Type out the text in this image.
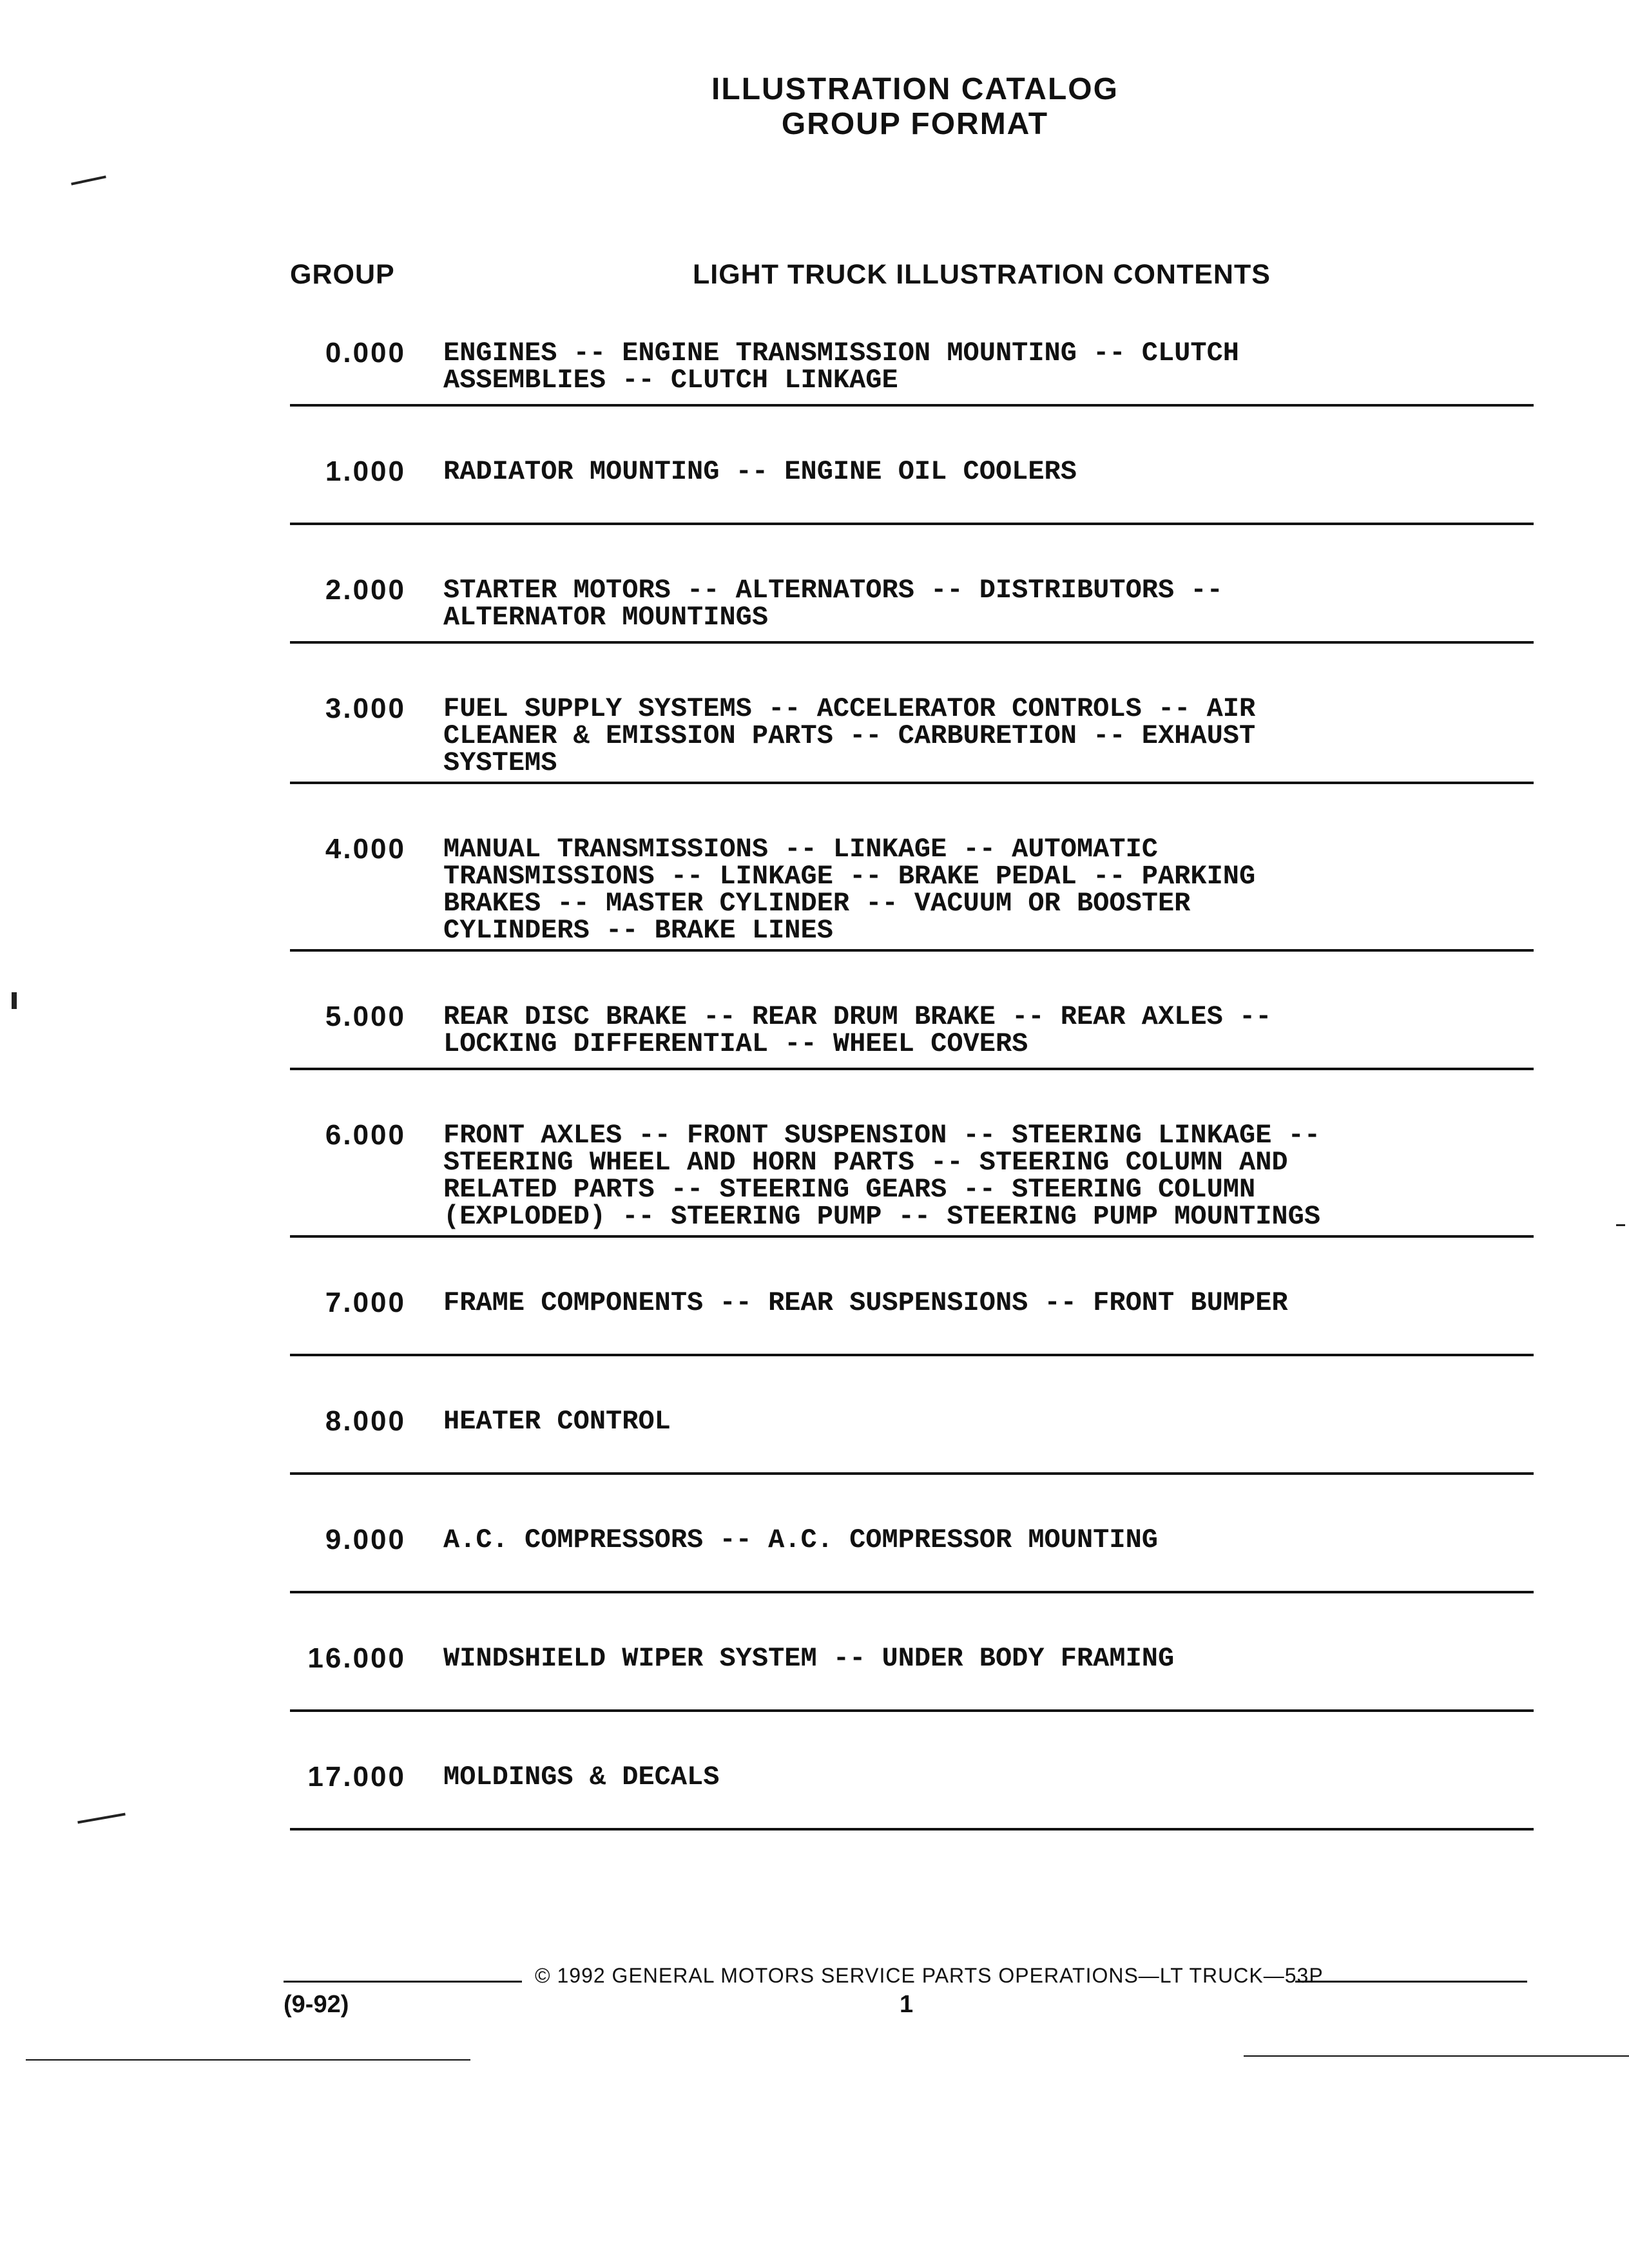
ILLUSTRATION CATALOG
GROUP FORMAT
GROUP	LIGHT TRUCK ILLUSTRATION CONTENTS
0.000 ENGINES -- ENGINE TRANSMISSION MOUNTING -- CLUTCH
ASSEMBLIES -- CLUTCH LINKAGE
1.000 RADIATOR MOUNTING -- ENGINE OIL COOLERS
2.000 STARTER MOTORS -- ALTERNATORS -- DISTRIBUTORS --
ALTERNATOR MOUNTINGS
3.000 FUEL SUPPLY SYSTEMS -- ACCELERATOR CONTROLS -- AIR
CLEANER & EMISSION PARTS -- CARBURETION -- EXHAUST
SYSTEMS
4.000 MANUAL TRANSMISSIONS -- LINKAGE -- AUTOMATIC
TRANSMISSIONS -- LINKAGE -- BRAKE PEDAL -- PARKING
BRAKES -- MASTER CYLINDER -- VACUUM OR BOOSTER
CYLINDERS -- BRAKE LINES
5.000 REAR DISC BRAKE -- REAR DRUM BRAKE -- REAR AXLES --
LOCKING DIFFERENTIAL -- WHEEL COVERS
6.000 FRONT AXLES -- FRONT SUSPENSION -- STEERING LINKAGE --
STEERING WHEEL AND HORN PARTS -- STEERING COLUMN AND
RELATED PARTS -- STEERING GEARS -- STEERING COLUMN
(EXPLODED) -- STEERING PUMP -- STEERING PUMP MOUNTINGS
7.000 FRAME COMPONENTS -- REAR SUSPENSIONS -- FRONT BUMPER
8.000 HEATER CONTROL
9.000 A.C. COMPRESSORS -- A.C. COMPRESSOR MOUNTING
16.000 WINDSHIELD WIPER SYSTEM -- UNDER BODY FRAMING
17.000 MOLDINGS & DECALS
© 1992 GENERAL MOTORS SERVICE PARTS OPERATIONS—LT TRUCK—53P
(9-92)	1
